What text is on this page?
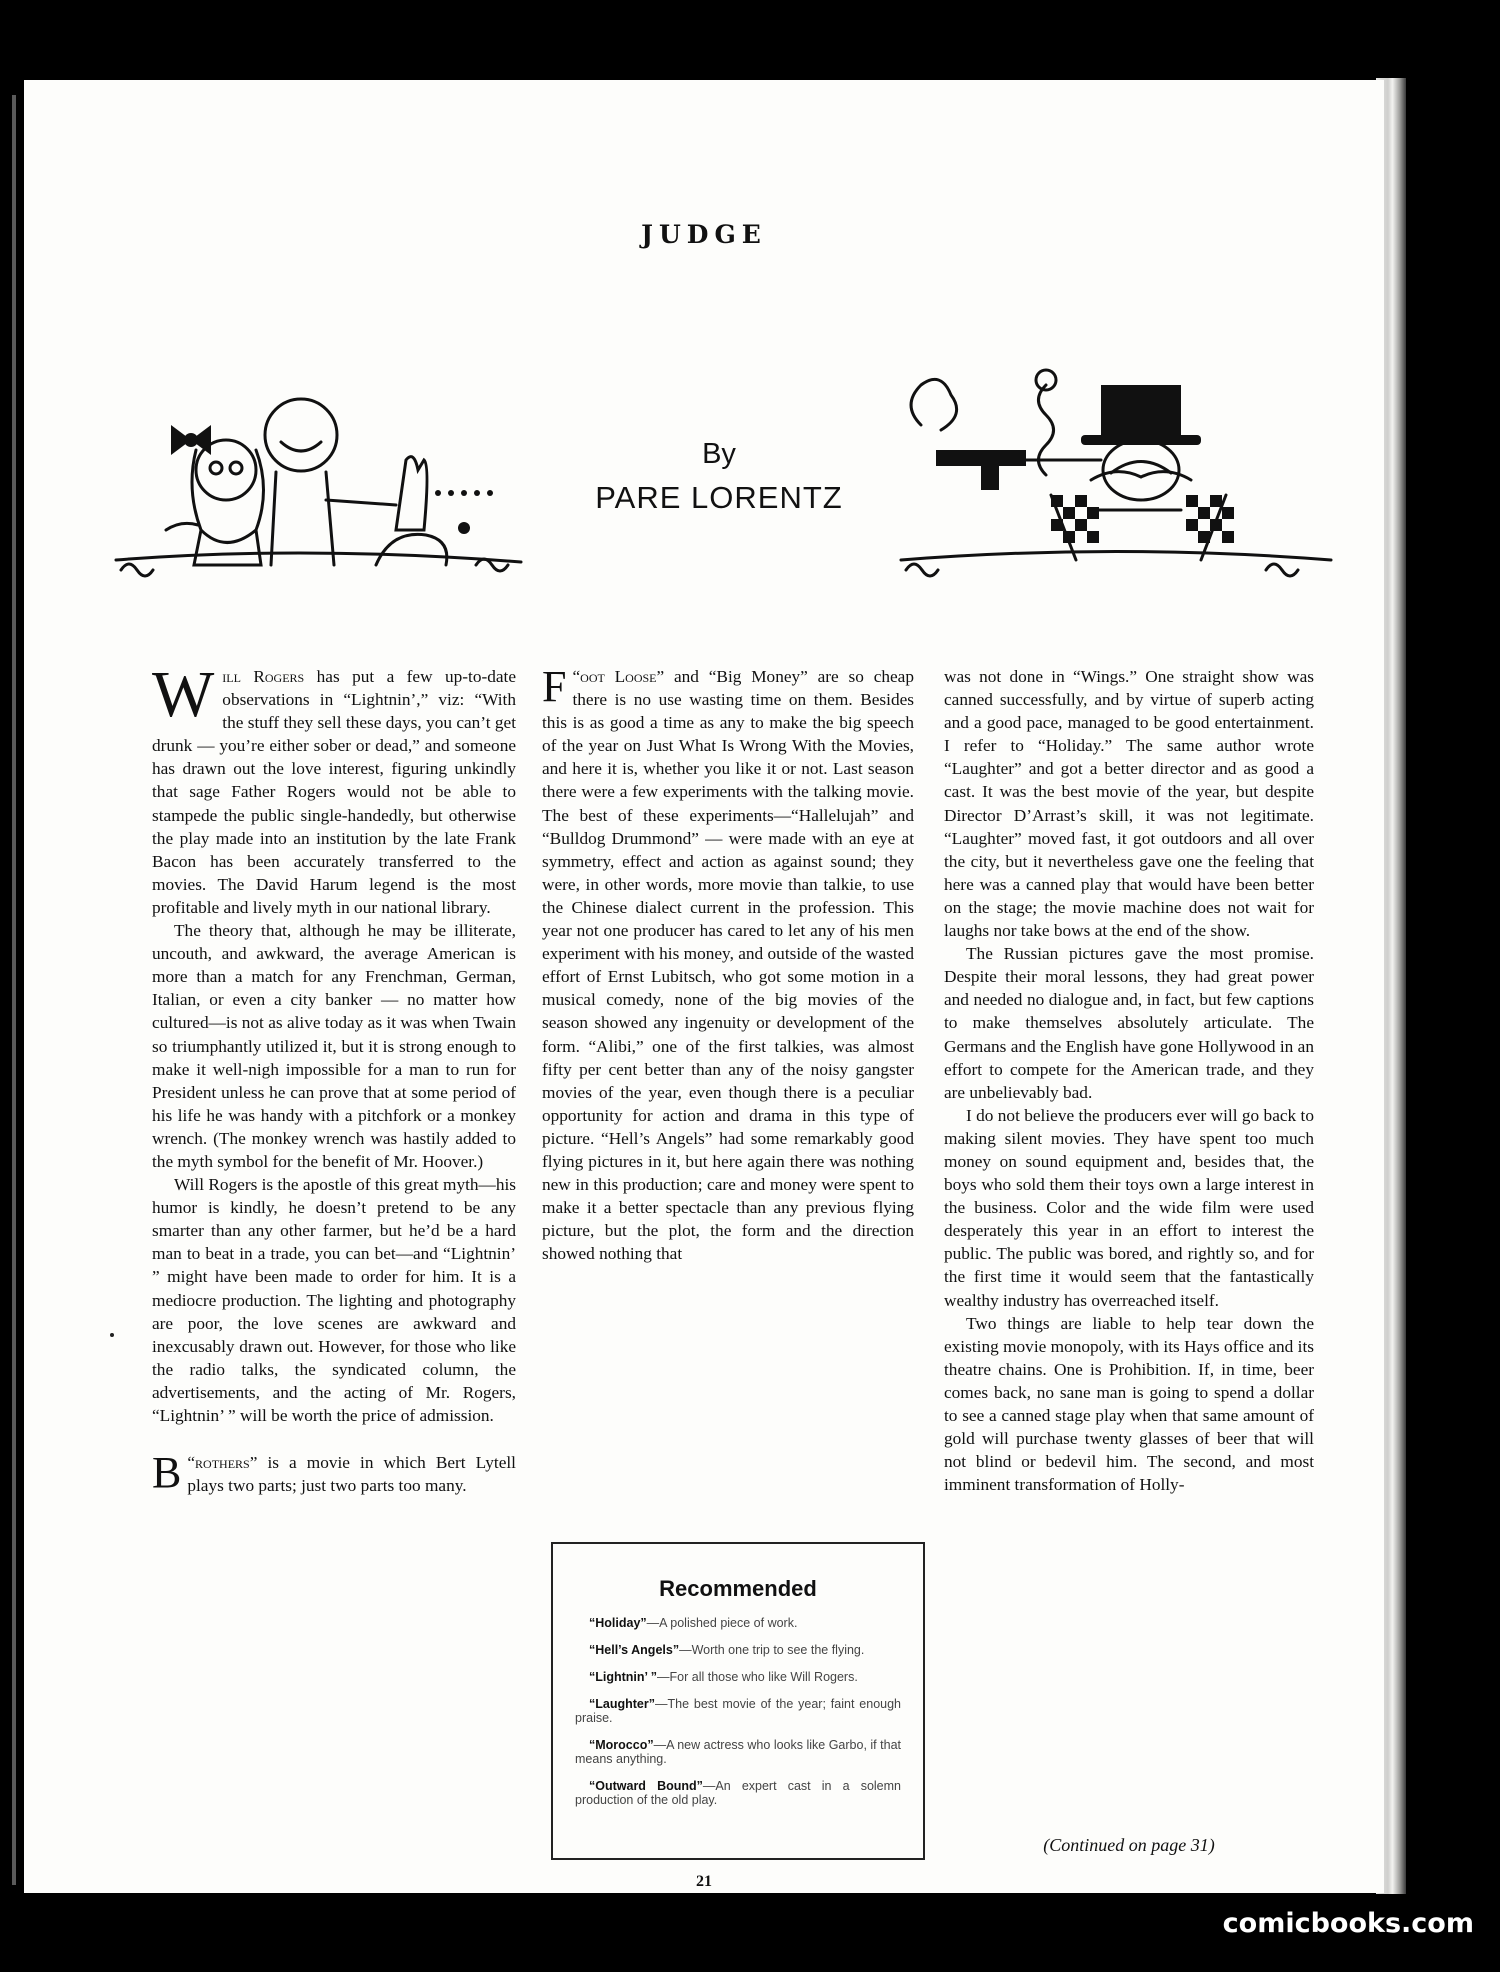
JUDGE
By
PARE LORENTZ

Will Rogers has put a few up-to-date observations in “Lightnin’,” viz: “With the stuff they sell these days, you can’t get drunk — you’re either sober or dead,” and someone has drawn out the love interest, figuring unkindly that sage Father Rogers would not be able to stampede the public single-handedly, but otherwise the play made into an institution by the late Frank Bacon has been accurately transferred to the movies. The David Harum legend is the most profitable and lively myth in our national library.

The theory that, although he may be illiterate, uncouth, and awkward, the average American is more than a match for any Frenchman, German, Italian, or even a city banker — no matter how cultured—is not as alive today as it was when Twain so triumphantly utilized it, but it is strong enough to make it well-nigh impossible for a man to run for President unless he can prove that at some period of his life he was handy with a pitchfork or a monkey wrench. (The monkey wrench was hastily added to the myth symbol for the benefit of Mr. Hoover.)

Will Rogers is the apostle of this great myth—his humor is kindly, he doesn’t pretend to be any smarter than any other farmer, but he’d be a hard man to beat in a trade, you can bet—and “Lightnin’ ” might have been made to order for him. It is a mediocre production. The lighting and photography are poor, the love scenes are awkward and inexcusably drawn out. However, for those who like the radio talks, the syndicated column, the advertisements, and the acting of Mr. Rogers, “Lightnin’ ” will be worth the price of admission.

“
B rothers” is a movie in which Bert Lytell plays two parts; just two parts too many.

“
F oot Loose” and “Big Money” are so cheap there is no use wasting time on them. Besides this is as good a time as any to make the big speech of the year on Just What Is Wrong With the Movies, and here it is, whether you like it or not. Last season there were a few experiments with the talking movie. The best of these experiments—“Hallelujah” and “Bulldog Drummond” — were made with an eye at symmetry, effect and action as against sound; they were, in other words, more movie than talkie, to use the Chinese dialect current in the profession. This year not one producer has cared to let any of his men experiment with his money, and outside of the wasted effort of Ernst Lubitsch, who got some motion in a musical comedy, none of the big movies of the season showed any ingenuity or development of the form. “Alibi,” one of the first talkies, was almost fifty per cent better than any of the noisy gangster movies of the year, even though there is a peculiar opportunity for action and drama in this type of picture. “Hell’s Angels” had some remarkably good flying pictures in it, but here again there was nothing new in this production; care and money were spent to make it a better spectacle than any previous flying picture, but the plot, the form and the direction showed nothing that

was not done in “Wings.” One straight show was canned successfully, and by virtue of superb acting and a good pace, managed to be good entertainment. I refer to “Holiday.” The same author wrote “Laughter” and got a better director and as good a cast. It was the best movie of the year, but despite Director D’Arrast’s skill, it was not legitimate. “Laughter” moved fast, it got outdoors and all over the city, but it nevertheless gave one the feeling that here was a canned play that would have been better on the stage; the movie machine does not wait for laughs nor take bows at the end of the show.

The Russian pictures gave the most promise. Despite their moral lessons, they had great power and needed no dialogue and, in fact, but few captions to make themselves absolutely articulate. The Germans and the English have gone Hollywood in an effort to compete for the American trade, and they are unbelievably bad.

I do not believe the producers ever will go back to making silent movies. They have spent too much money on sound equipment and, besides that, the boys who sold them their toys own a large interest in the business. Color and the wide film were used desperately this year in an effort to interest the public. The public was bored, and rightly so, and for the first time it would seem that the fantastically wealthy industry has overreached itself.

Two things are liable to help tear down the existing movie monopoly, with its Hays office and its theatre chains. One is Prohibition. If, in time, beer comes back, no sane man is going to spend a dollar to see a canned stage play when that same amount of gold will purchase twenty glasses of beer that will not blind or bedevil him. The second, and most imminent transformation of Holly-

(Continued on page 31)
Recommended
“Holiday”—A polished piece of work.
“Hell’s Angels”—Worth one trip to see the flying.
“Lightnin’ ”—For all those who like Will Rogers.
“Laughter”—The best movie of the year; faint enough praise.
“Morocco”—A new actress who looks like Garbo, if that means anything.
“Outward Bound”—An expert cast in a solemn production of the old play.
21
comicbooks.com
